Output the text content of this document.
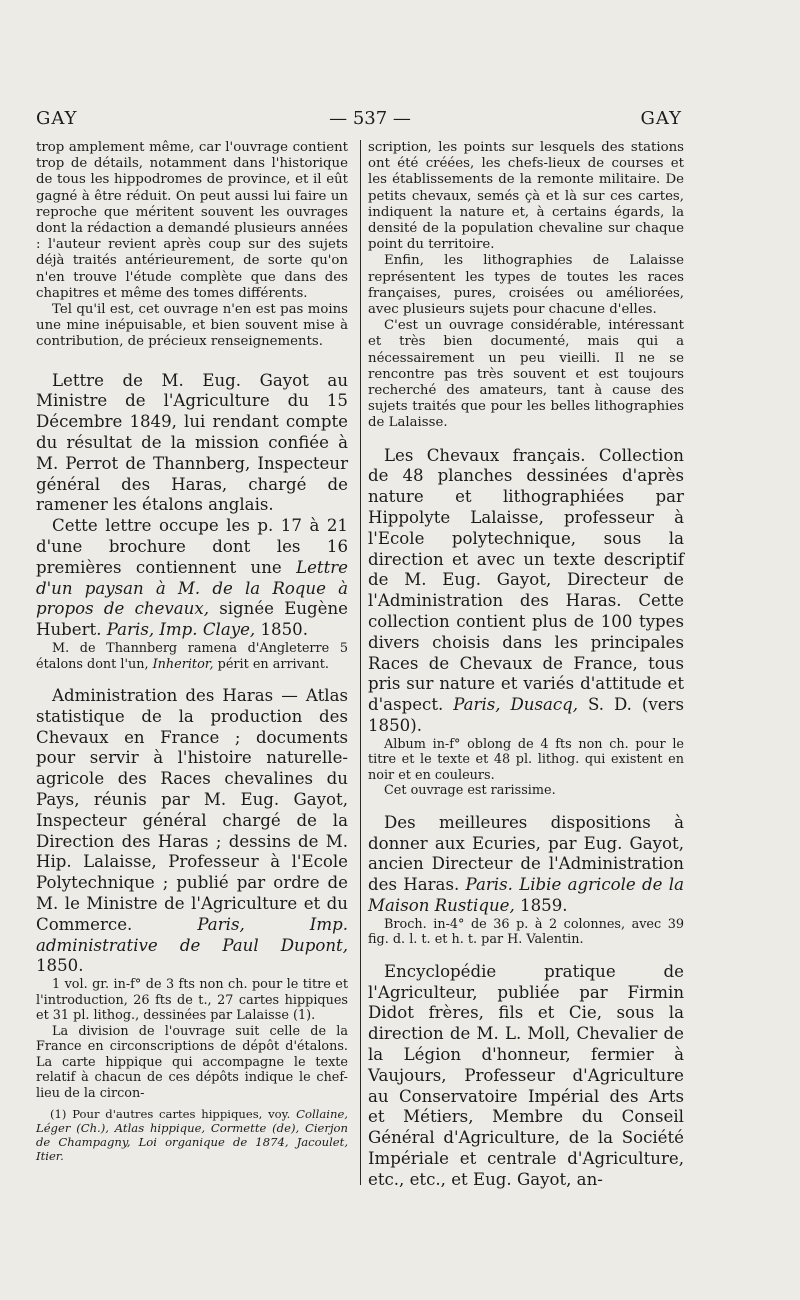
GAY	— 537 —	GAY

trop amplement même, car l'ouvrage contient trop de détails, notamment dans l'historique de tous les hippodromes de province, et il eût gagné à être réduit. On peut aussi lui faire un reproche que méritent souvent les ouvrages dont la rédaction a demandé plusieurs années : l'auteur revient après coup sur des sujets déjà traités antérieurement, de sorte qu'on n'en trouve l'étude complète que dans des chapitres et même des tomes différents.

Tel qu'il est, cet ouvrage n'en est pas moins une mine inépuisable, et bien souvent mise à contribution, de précieux renseignements.

Lettre de M. Eug. Gayot au Ministre de l'Agriculture du 15 Décembre 1849, lui rendant compte du résultat de la mission confiée à M. Perrot de Thannberg, Inspecteur général des Haras, chargé de ramener les étalons anglais.

Cette lettre occupe les p. 17 à 21 d'une brochure dont les 16 premières contiennent une Lettre d'un paysan à M. de la Roque à propos de chevaux, signée Eugène Hubert. Paris, Imp. Claye, 1850.

M. de Thannberg ramena d'Angleterre 5 étalons dont l'un, Inheritor, périt en arrivant.

Administration des Haras — Atlas statistique de la production des Chevaux en France ; documents pour servir à l'histoire naturelle-agricole des Races chevalines du Pays, réunis par M. Eug. Gayot, Inspecteur général chargé de la Direction des Haras ; dessins de M. Hip. Lalaisse, Professeur à l'Ecole Polytechnique ; publié par ordre de M. le Ministre de l'Agriculture et du Commerce. Paris, Imp. administrative de Paul Dupont, 1850.

1 vol. gr. in-f° de 3 fts non ch. pour le titre et l'introduction, 26 fts de t., 27 cartes hippiques et 31 pl. lithog., dessinées par Lalaisse (1).

La division de l'ouvrage suit celle de la France en circonscriptions de dépôt d'étalons. La carte hippique qui accompagne le texte relatif à chacun de ces dépôts indique le chef-lieu de la circon-

(1) Pour d'autres cartes hippiques, voy. Collaine, Léger (Ch.), Atlas hippique, Cormette (de), Cierjon de Champagny, Loi organique de 1874, Jacoulet, Itier.

scription, les points sur lesquels des stations ont été créées, les chefs-lieux de courses et les établissements de la remonte militaire. De petits chevaux, semés çà et là sur ces cartes, indiquent la nature et, à certains égards, la densité de la population chevaline sur chaque point du territoire.

Enfin, les lithographies de Lalaisse représentent les types de toutes les races françaises, pures, croisées ou améliorées, avec plusieurs sujets pour chacune d'elles.

C'est un ouvrage considérable, intéressant et très bien documenté, mais qui a nécessairement un peu vieilli. Il ne se rencontre pas très souvent et est toujours recherché des amateurs, tant à cause des sujets traités que pour les belles lithographies de Lalaisse.

Les Chevaux français. Collection de 48 planches dessinées d'après nature et lithographiées par Hippolyte Lalaisse, professeur à l'Ecole polytechnique, sous la direction et avec un texte descriptif de M. Eug. Gayot, Directeur de l'Administration des Haras. Cette collection contient plus de 100 types divers choisis dans les principales Races de Chevaux de France, tous pris sur nature et variés d'attitude et d'aspect. Paris, Dusacq, S. D. (vers 1850).

Album in-f° oblong de 4 fts non ch. pour le titre et le texte et 48 pl. lithog. qui existent en noir et en couleurs.

Cet ouvrage est rarissime.

Des meilleures dispositions à donner aux Ecuries, par Eug. Gayot, ancien Directeur de l'Administration des Haras. Paris. Libie agricole de la Maison Rustique, 1859.

Broch. in-4° de 36 p. à 2 colonnes, avec 39 fig. d. l. t. et h. t. par H. Valentin.

Encyclopédie pratique de l'Agriculteur, publiée par Firmin Didot frères, fils et Cie, sous la direction de M. L. Moll, Chevalier de la Légion d'honneur, fermier à Vaujours, Professeur d'Agriculture au Conservatoire Impérial des Arts et Métiers, Membre du Conseil Général d'Agriculture, de la Société Impériale et centrale d'Agriculture, etc., etc., et Eug. Gayot, an-
